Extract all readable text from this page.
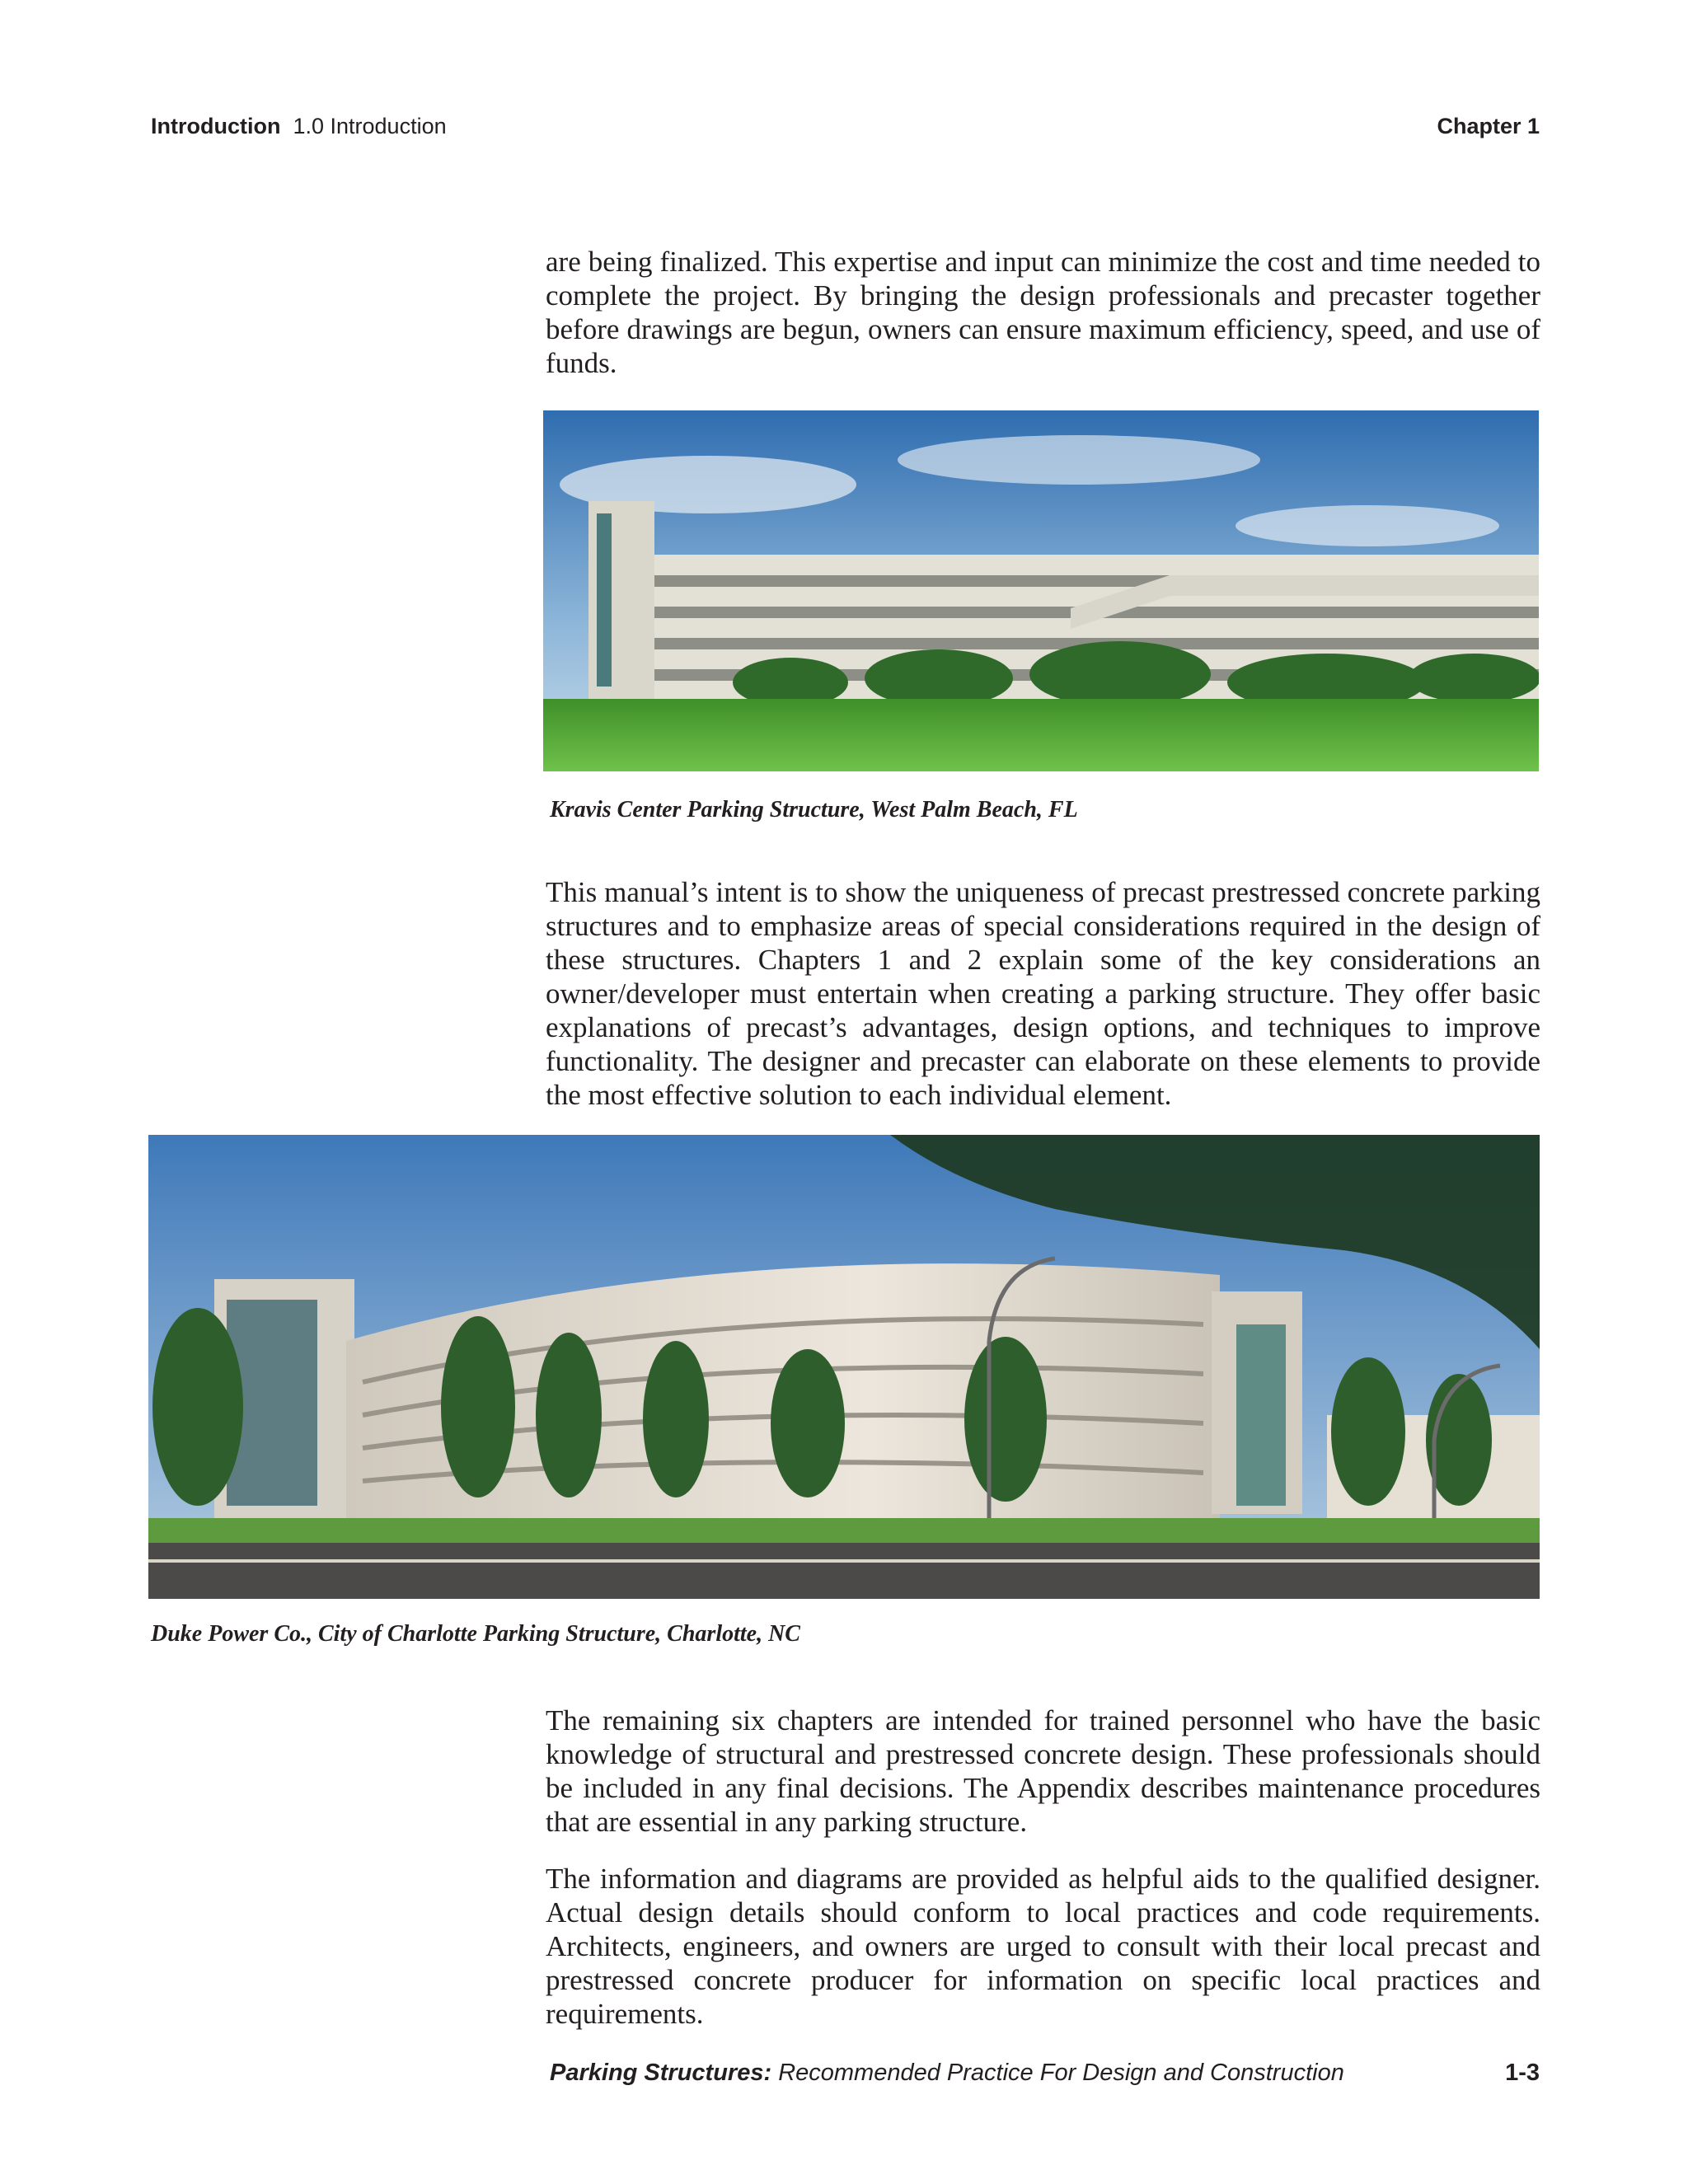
Introduction 1.0 Introduction	Chapter 1

are being finalized. This expertise and input can minimize the cost and time needed to complete the project. By bringing the design professionals and precaster together before drawings are begun, owners can ensure maximum efficiency, speed, and use of funds.

Kravis Center Parking Structure, West Palm Beach, FL

This manual’s intent is to show the uniqueness of precast prestressed concrete parking structures and to emphasize areas of special considerations required in the design of these structures. Chapters 1 and 2 explain some of the key considerations an owner/developer must entertain when creating a parking structure. They offer basic explanations of precast’s advantages, design options, and techniques to improve functionality. The designer and precaster can elaborate on these elements to provide the most effective solution to each individual element.

Duke Power Co., City of Charlotte Parking Structure, Charlotte, NC

The remaining six chapters are intended for trained personnel who have the basic knowledge of structural and prestressed concrete design. These professionals should be included in any final decisions. The Appendix describes maintenance procedures that are essential in any parking structure.

The information and diagrams are provided as helpful aids to the qualified designer. Actual design details should conform to local practices and code requirements. Architects, engineers, and owners are urged to consult with their local precast and prestressed concrete producer for information on specific local practices and requirements.

Parking Structures: Recommended Practice For Design and Construction	1-3
